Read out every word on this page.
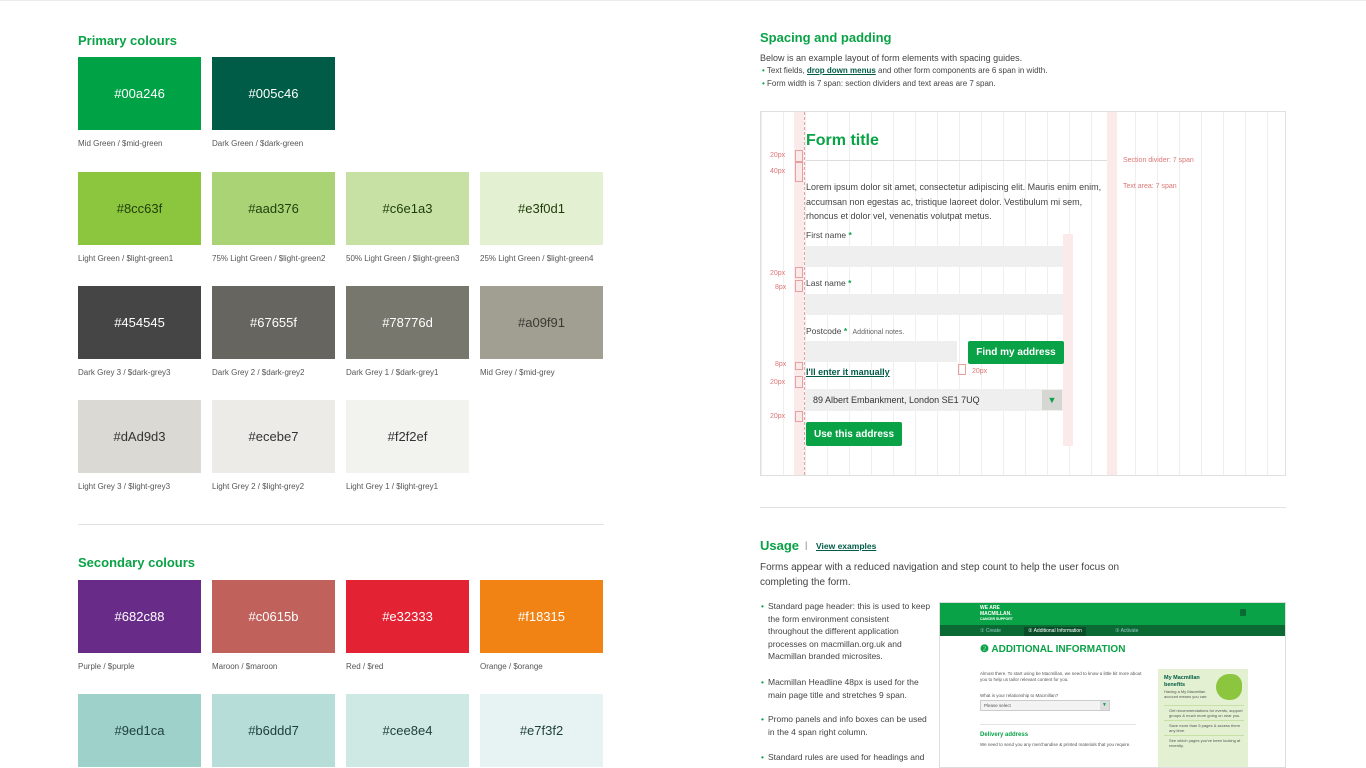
Primary colours
#00a246
Mid Green / $mid-green
#005c46
Dark Green / $dark-green
#8cc63f
Light Green / $light-green1
#aad376
75% Light Green / $light-green2
#c6e1a3
50% Light Green / $light-green3
#e3f0d1
25% Light Green / $light-green4
#454545
Dark Grey 3 / $dark-grey3
#67655f
Dark Grey 2 / $dark-grey2
#78776d
Dark Grey 1 / $dark-grey1
#a09f91
Mid Grey / $mid-grey
#dAd9d3
Light Grey 3 / $light-grey3
#ecebe7
Light Grey 2 / $light-grey2
#f2f2ef
Light Grey 1 / $light-grey1
Secondary colours
#682c88
Purple / $purple
#c0615b
Maroon / $maroon
#e32333
Red / $red
#f18315
Orange / $orange
#9ed1ca	#b6ddd7	#cee8e4	#e7f3f2
Spacing and padding
Below is an example layout of form elements with spacing guides.
• Text fields, drop down menus and other form components are 6 span in width.
• Form width is 7 span: section dividers and text areas are 7 span.
Form title
20px
40px
Section divider: 7 span
Text area: 7 span
Lorem ipsum dolor sit amet, consectetur adipiscing elit. Mauris enim enim, accumsan non egestas ac, tristique laoreet dolor. Vestibulum mi sem, rhoncus et dolor vel, venenatis volutpat metus.
First name *
20px
8px Last name *
Postcode * Additional notes.
Find my address
8px
I'll enter it manually	20px
20px
89 Albert Embankment, London SE1 7UQ	▼
20px
Use this address
Usage | View examples
Forms appear with a reduced navigation and step count to help the user focus on completing the form.
• Standard page header: this is used to keep the form environment consistent throughout the different application processes on macmillan.org.uk and Macmillan branded microsites.
• Macmillan Headline 48px is used for the main page title and stretches 9 span.
• Promo panels and info boxes can be used in the 4 span right column.
• Standard rules are used for headings and
WE ARE
MACMILLAN.
CANCER SUPPORT
① Create	② Additional Information	③ Activate
❷ ADDITIONAL INFORMATION
Almost there. To start using be Macmillan, we need to know a little bit more about you to help us tailor relevant content for you.
What is your relationship to Macmillan?
Please select	▼
Delivery address
We need to send you any merchandise & printed materials that you require.
My Macmillan benefits
Having a My Macmillan account means you can:
Get recommendations for events, support groups & much more going on near you.
Save more than 5 pages & access them any time.
See which pages you've been looking at recently.
